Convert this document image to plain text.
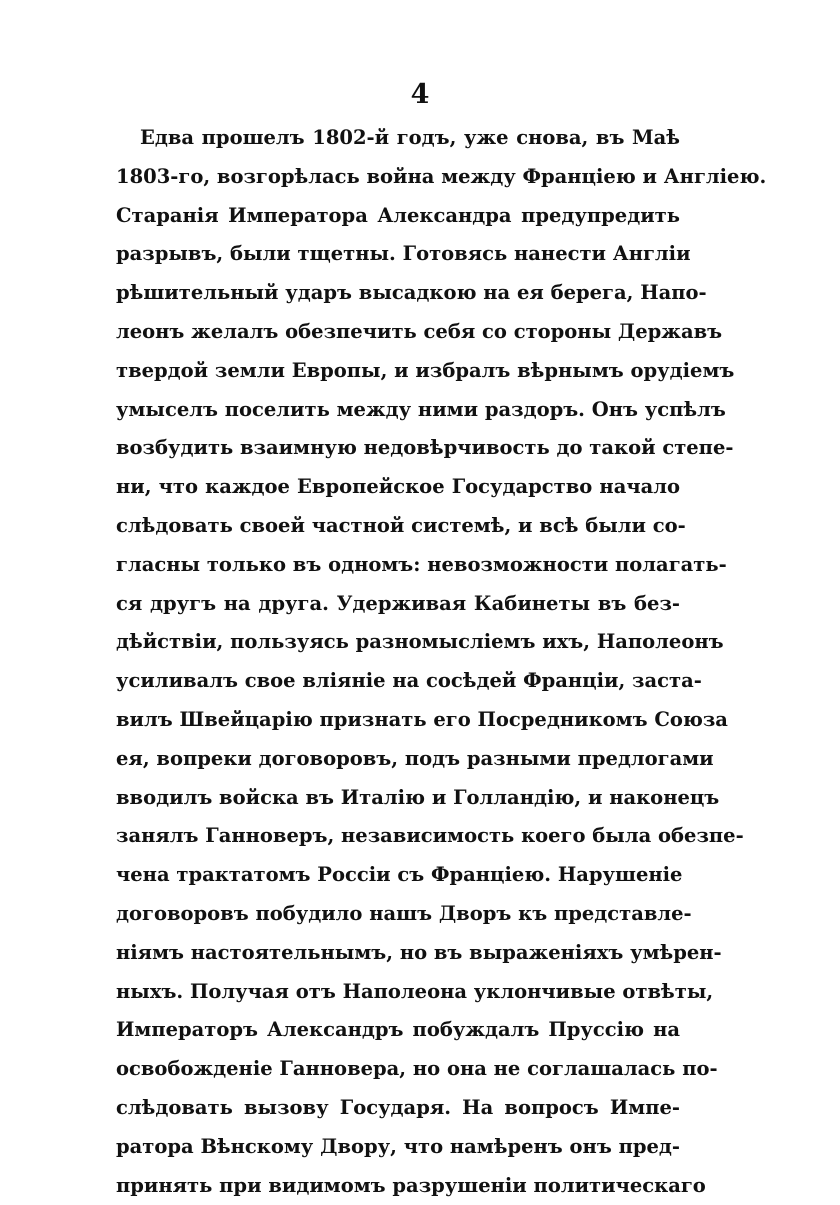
4
Едва прошелъ 1802-й годъ, уже снова, въ Маѣ
1803-го, возгорѣлась война между Франціею и Англіею.
Старанія Императора Александра предупредить
разрывъ, были тщетны. Готовясь нанести Англіи
рѣшительный ударъ высадкою на ея берега, Напо-
леонъ желалъ обезпечить себя со стороны Державъ
твердой земли Европы, и избралъ вѣрнымъ орудіемъ
умыселъ поселить между ними раздоръ. Онъ успѣлъ
возбудить взаимную недовѣрчивость до такой степе-
ни, что каждое Европейское Государство начало
слѣдовать своей частной системѣ, и всѣ были со-
гласны только въ одномъ: невозможности полагать-
ся другъ на друга. Удерживая Кабинеты въ без-
дѣйствіи, пользуясь разномысліемъ ихъ, Наполеонъ
усиливалъ свое вліяніе на сосѣдей Франціи, заста-
вилъ Швейцарію признать его Посредникомъ Союза
ея, вопреки договоровъ, подъ разными предлогами
вводилъ войска въ Италію и Голландію, и наконецъ
занялъ Ганноверъ, независимость коего была обезпе-
чена трактатомъ Россіи съ Франціею. Нарушеніе
договоровъ побудило нашъ Дворъ къ представле-
ніямъ настоятельнымъ, но въ выраженіяхъ умѣрен-
ныхъ. Получая отъ Наполеона уклончивые отвѣты,
Императоръ Александръ побуждалъ Пруссію на
освобожденіе Ганновера, но она не соглашалась по-
слѣдовать вызову Государя. На вопросъ Импе-
ратора Вѣнскому Двору, что намѣренъ онъ пред-
принять при видимомъ разрушеніи политическаго
